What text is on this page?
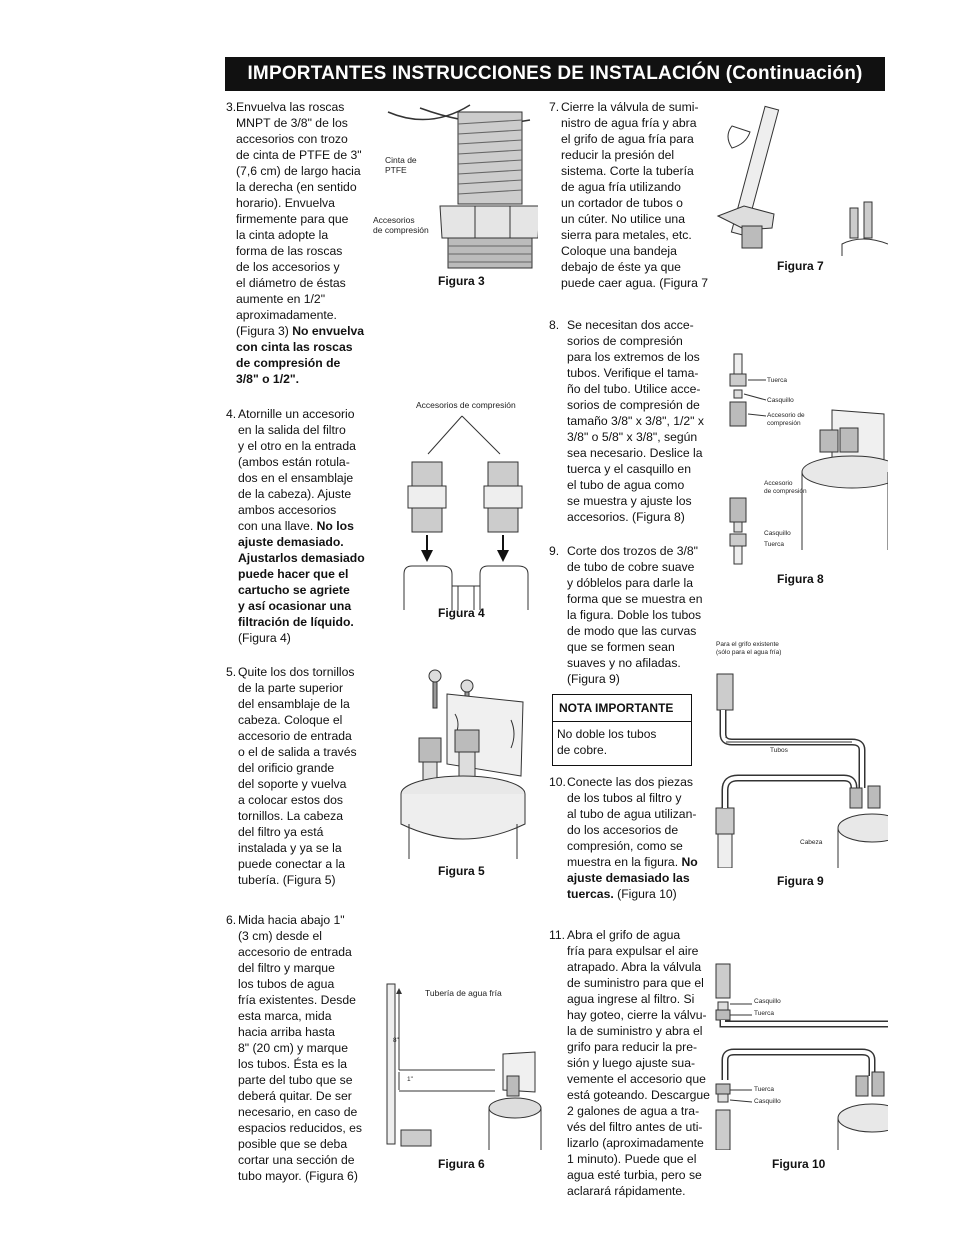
IMPORTANTES INSTRUCCIONES DE INSTALACIÓN (Continuación)
3. Envuelva las roscas
MNPT de 3/8" de los
accesorios con trozo
de cinta de PTFE de 3"
(7,6 cm) de largo hacia
la derecha (en sentido
horario). Envuelva
firmemente para que
la cinta adopte la
forma de las roscas
de los accesorios y
el diámetro de éstas
aumente en 1/2"
aproximadamente.
(Figura 3) No envuelva
con cinta las roscas
de compresión de
3/8" o 1/2".
4. Atornille un accesorio
en la salida del filtro
y el otro en la entrada
(ambos están rotula-
dos en el ensamblaje
de la cabeza). Ajuste
ambos accesorios
con una llave. No los
ajuste demasiado.
Ajustarlos demasiado
puede hacer que el
cartucho se agriete
y así ocasionar una
filtración de líquido.
(Figura 4)
5. Quite los dos tornillos
de la parte superior
del ensamblaje de la
cabeza. Coloque el
accesorio de entrada
o el de salida a través
del orificio grande
del soporte y vuelva
a colocar estos dos
tornillos. La cabeza
del filtro ya está
instalada y ya se la
puede conectar a la
tubería. (Figura 5)
6. Mida hacia abajo 1"
(3 cm) desde el
accesorio de entrada
del filtro y marque
los tubos de agua
fría existentes. Desde
esta marca, mida
hacia arriba hasta
8" (20 cm) y marque
los tubos. Ésta es la
parte del tubo que se
deberá quitar. De ser
necesario, en caso de
espacios reducidos, es
posible que se deba
cortar una sección de
tubo mayor. (Figura 6)
7. Cierre la válvula de sumi-
nistro de agua fría y abra
el grifo de agua fría para
reducir la presión del
sistema. Corte la tubería
de agua fría utilizando
un cortador de tubos o
un cúter. No utilice una
sierra para metales, etc.
Coloque una bandeja
debajo de éste ya que
puede caer agua. (Figura 7
8. Se necesitan dos acce-
sorios de compresión
para los extremos de los
tubos. Verifique el tama-
ño del tubo. Utilice acce-
sorios de compresión de
tamaño 3/8" x 3/8", 1/2" x
3/8" o 5/8" x 3/8", según
sea necesario. Deslice la
tuerca y el casquillo en
el tubo de agua como
se muestra y ajuste los
accesorios. (Figura 8)
9. Corte dos trozos de 3/8"
de tubo de cobre suave
y dóblelos para darle la
forma que se muestra en
la figura. Doble los tubos
de modo que las curvas
que se formen sean
suaves y no afiladas.
(Figura 9)
NOTA IMPORTANTE
No doble los tubos
de cobre.
10. Conecte las dos piezas
de los tubos al filtro y
al tubo de agua utilizan-
do los accesorios de
compresión, como se
muestra en la figura. No
ajuste demasiado las
tuercas. (Figura 10)
11. Abra el grifo de agua
fría para expulsar el aire
atrapado. Abra la válvula
de suministro para que el
agua ingrese al filtro. Si
hay goteo, cierre la válvu-
la de suministro y abra el
grifo para reducir la pre-
sión y luego ajuste sua-
vemente el accesorio que
está goteando. Descargue
2 galones de agua a tra-
vés del filtro antes de uti-
lizarlo (aproximadamente
1 minuto). Puede que el
agua esté turbia, pero se
aclarará rápidamente.
Cinta de
PTFE
Accesorios
de compresión
Figura 3
Accesorios de compresión
Figura 4
Figura 5
Tubería de agua fría
8"
1"
Figura 6
Figura 7
Tuerca
Casquillo
Accesorio de
compresión
Accesorio
de compresión
Casquillo
Tuerca
Figura 8
Para el grifo existente
(sólo para el agua fría)
Tubos
Cabeza
Figura 9
Casquillo
Tuerca
Tuerca
Casquillo
Figura 10
